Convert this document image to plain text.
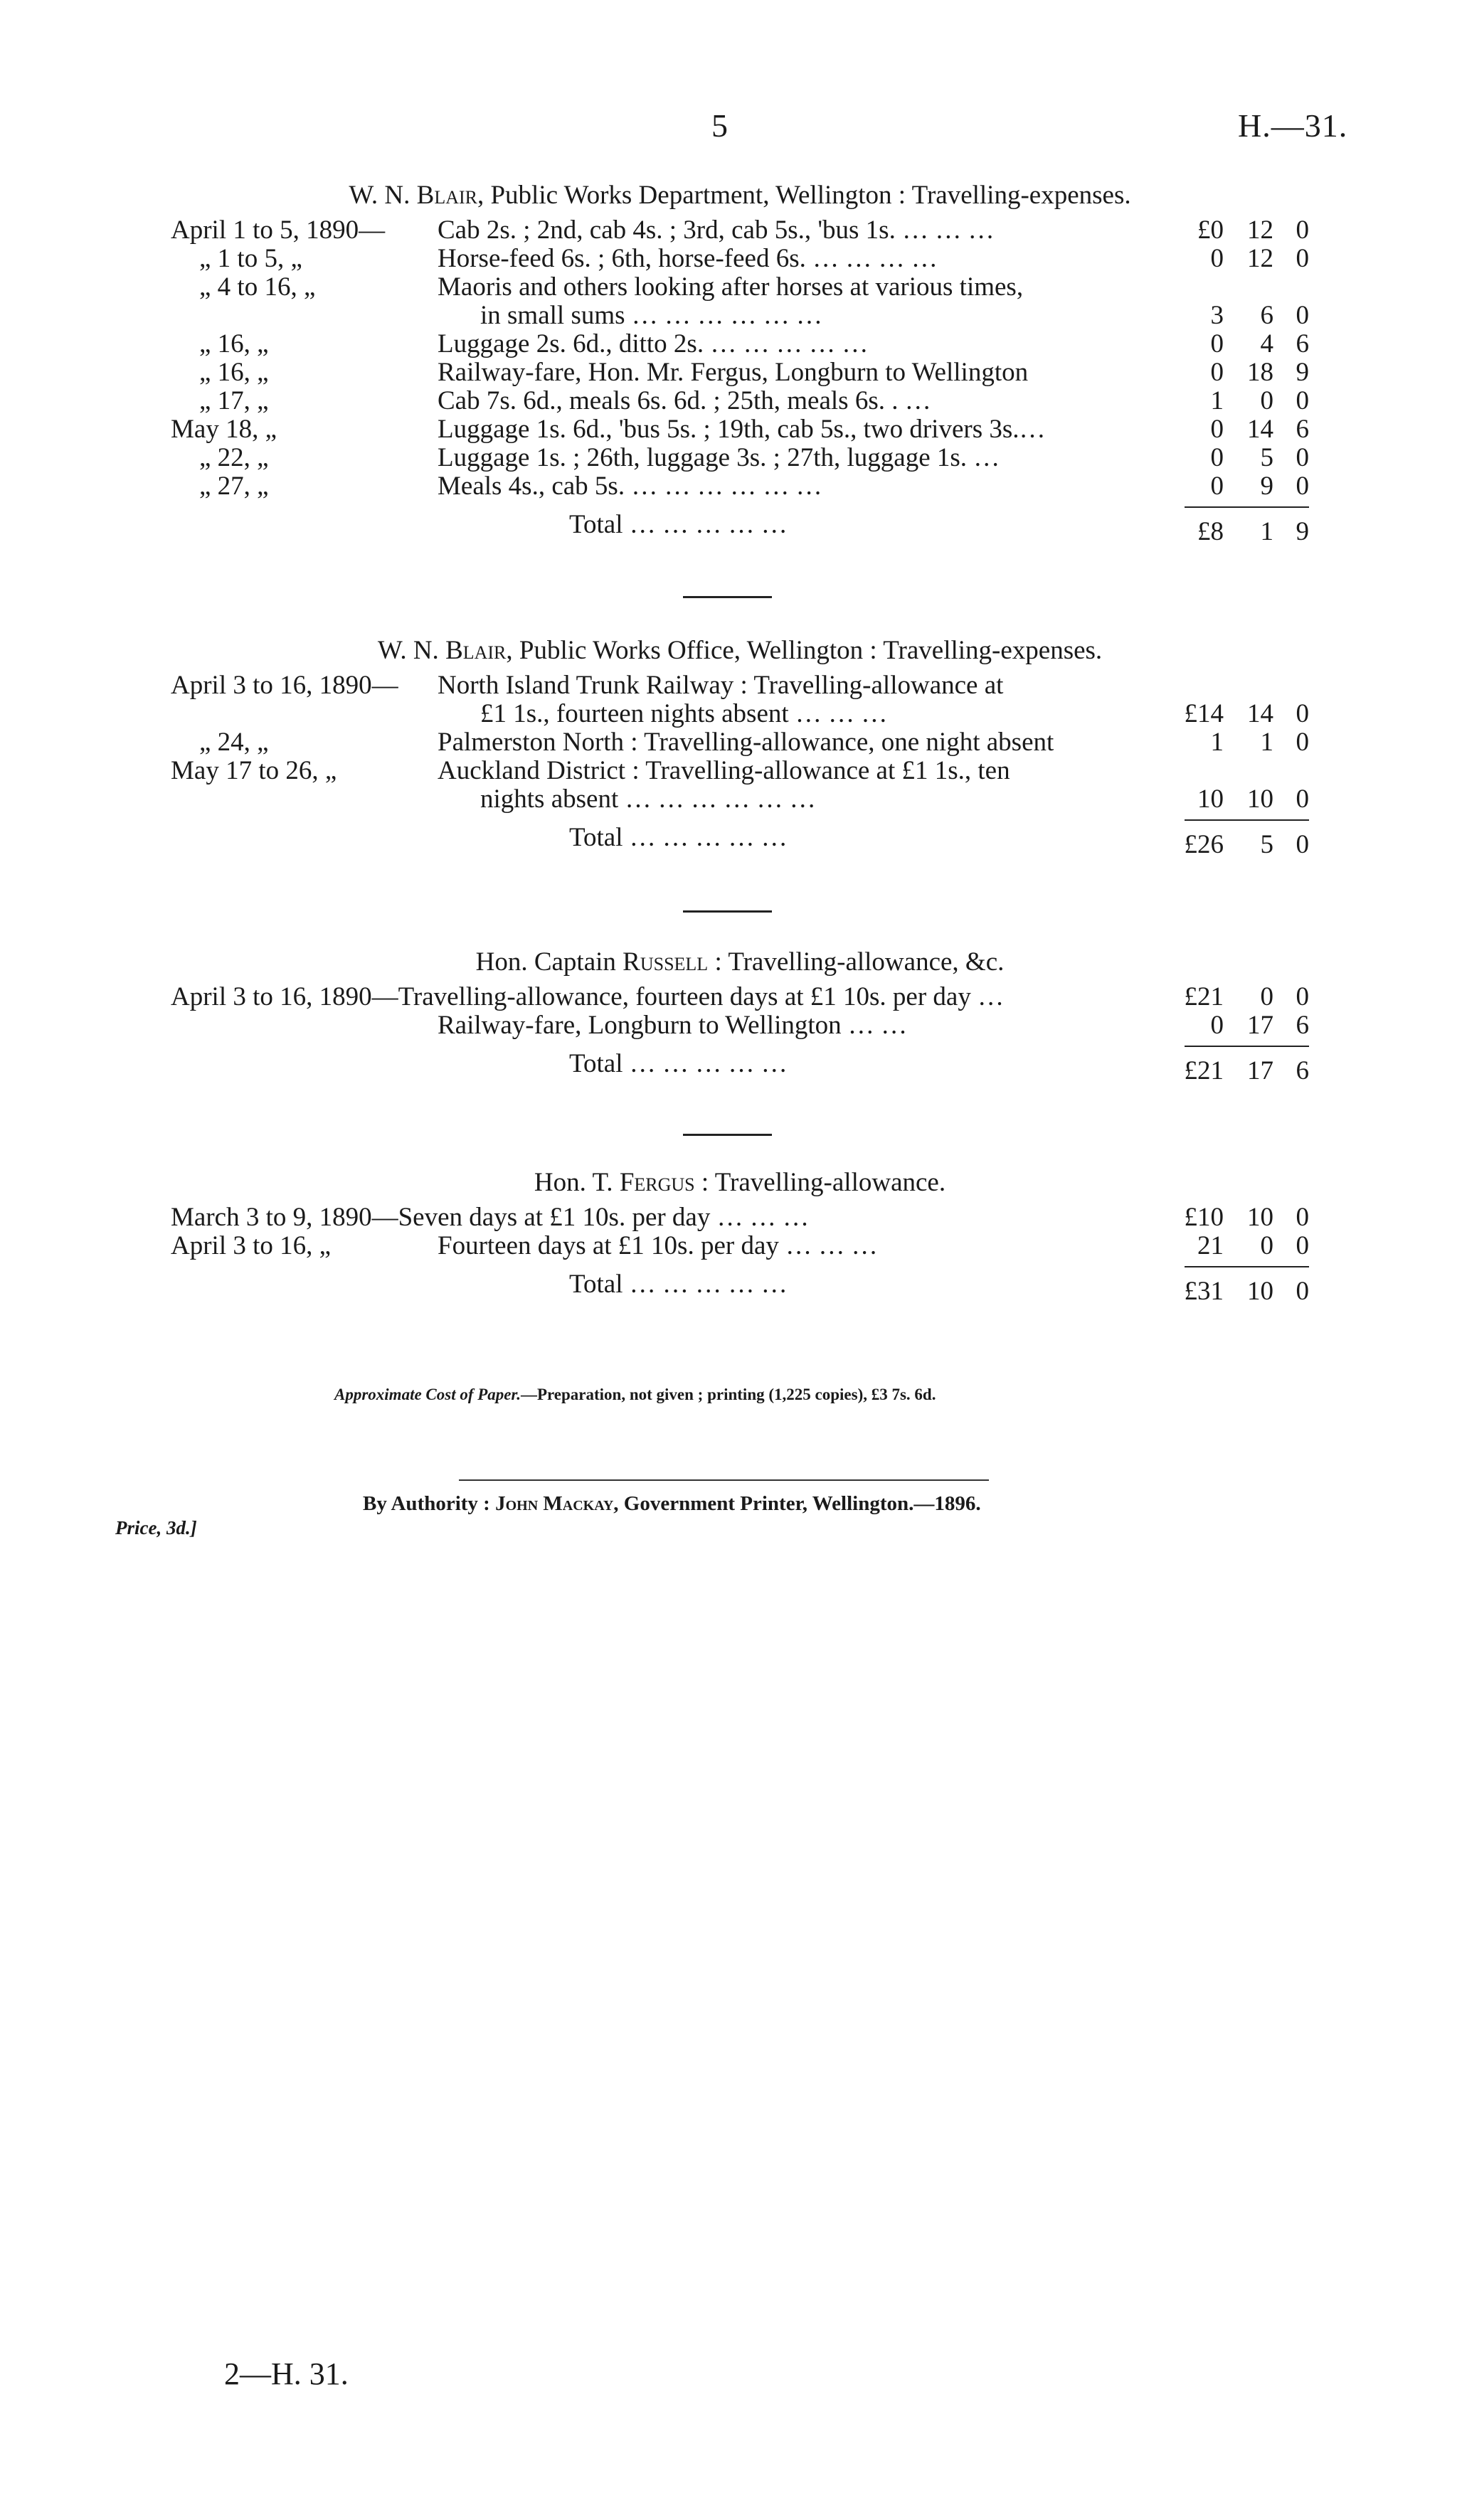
5	H.—31.
W. N. Blair, Public Works Department, Wellington : Travelling-expenses.
April 1 to 5, 1890—	Cab 2s. ; 2nd, cab 4s. ; 3rd, cab 5s., 'bus 1s. … … …	£0 12 0
„ 1 to 5, „	Horse-feed 6s. ; 6th, horse-feed 6s. … … … …	0 12 0
„ 4 to 16, „	Maoris and others looking after horses at various times,
in small sums … … … … … …	3 6 0
„ 16, „	Luggage 2s. 6d., ditto 2s. … … … … …	0 4 6
„ 16, „	Railway-fare, Hon. Mr. Fergus, Longburn to Wellington	0 18 9
„ 17, „	Cab 7s. 6d., meals 6s. 6d. ; 25th, meals 6s. . …	1 0 0
May 18, „	Luggage 1s. 6d., 'bus 5s. ; 19th, cab 5s., two drivers 3s.…	0 14 6
„ 22, „	Luggage 1s. ; 26th, luggage 3s. ; 27th, luggage 1s. …	0 5 0
„ 27, „	Meals 4s., cab 5s. … … … … … …	0 9 0
Total … … … … …	£8 1 9
W. N. Blair, Public Works Office, Wellington : Travelling-expenses.
April 3 to 16, 1890—	North Island Trunk Railway : Travelling-allowance at
£1 1s., fourteen nights absent … … …	£14 14 0
„ 24, „	Palmerston North : Travelling-allowance, one night absent	1 1 0
May 17 to 26, „	Auckland District : Travelling-allowance at £1 1s., ten
nights absent … … … … … …	10 10 0
Total … … … … …	£26 5 0
Hon. Captain Russell : Travelling-allowance, &c.
April 3 to 16, 1890—Travelling-allowance, fourteen days at £1 10s. per day …	£21 0 0
Railway-fare, Longburn to Wellington … …	0 17 6
Total … … … … …	£21 17 6
Hon. T. Fergus : Travelling-allowance.
March 3 to 9, 1890—Seven days at £1 10s. per day … … …	£10 10 0
April 3 to 16, „	Fourteen days at £1 10s. per day … … …	21 0 0
Total … … … … …	£31 10 0
Approximate Cost of Paper.—Preparation, not given ; printing (1,225 copies), £3 7s. 6d.
By Authority : John Mackay, Government Printer, Wellington.—1896.
Price, 3d.]
2—H. 31.
